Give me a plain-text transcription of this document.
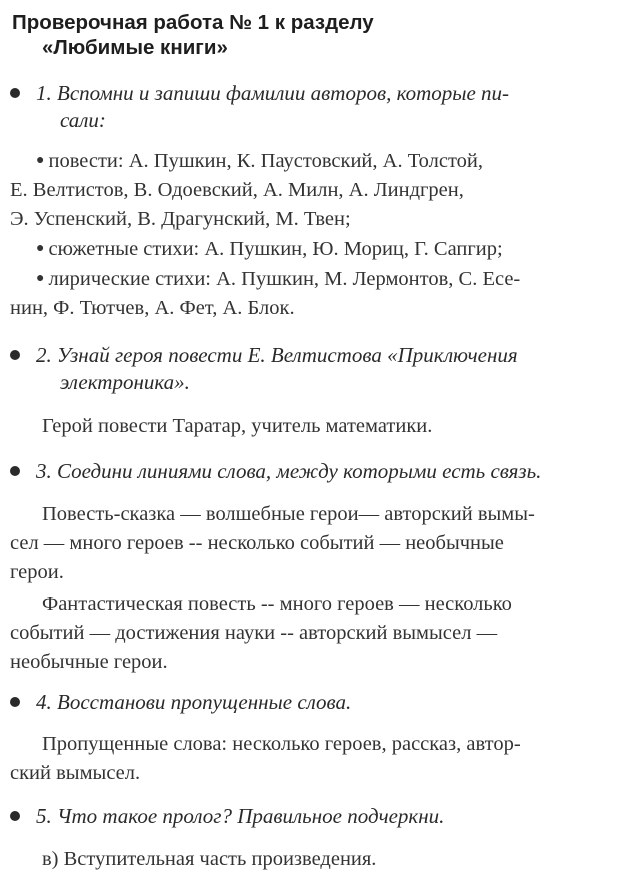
Проверочная работа № 1 к разделу
«Любимые книги»

1. Вспомни и запиши фамилии авторов, которые пи-
сали:

● повести: А. Пушкин, К. Паустовский, А. Толстой,
Е. Велтистов, В. Одоевский, А. Милн, А. Линдгрен,
Э. Успенский, В. Драгунский, М. Твен;
● сюжетные стихи: А. Пушкин, Ю. Мориц, Г. Сапгир;
● лирические стихи: А. Пушкин, М. Лермонтов, С. Есе-
нин, Ф. Тютчев, А. Фет, А. Блок.

2. Узнай героя повести Е. Велтистова «Приключения
электроника».

Герой повести Таратар, учитель математики.

3. Соедини линиями слова, между которыми есть связь.

Повесть-сказка — волшебные герои— авторский вымы-
сел — много героев -- несколько событий — необычные
герои.
Фантастическая повесть -- много героев — несколько
событий — достижения науки -- авторский вымысел —
необычные герои.

4. Восстанови пропущенные слова.

Пропущенные слова: несколько героев, рассказ, автор-
ский вымысел.

5. Что такое пролог? Правильное подчеркни.

в) Вступительная часть произведения.
